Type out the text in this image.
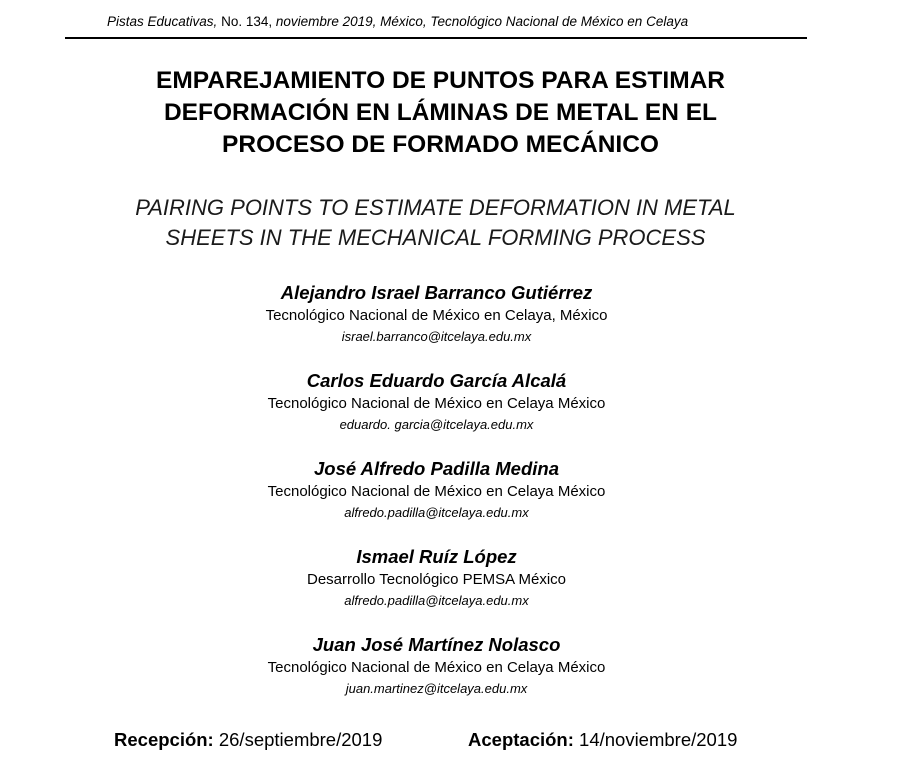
Pistas Educativas, No. 134, noviembre 2019, México, Tecnológico Nacional de México en Celaya
EMPAREJAMIENTO DE PUNTOS PARA ESTIMAR
DEFORMACIÓN EN LÁMINAS DE METAL EN EL
PROCESO DE FORMADO MECÁNICO
PAIRING POINTS TO ESTIMATE DEFORMATION IN METAL
SHEETS IN THE MECHANICAL FORMING PROCESS
Alejandro Israel Barranco Gutiérrez
Tecnológico Nacional de México en Celaya, México
israel.barranco@itcelaya.edu.mx
Carlos Eduardo García Alcalá
Tecnológico Nacional de México en Celaya México
eduardo. garcia@itcelaya.edu.mx
José Alfredo Padilla Medina
Tecnológico Nacional de México en Celaya México
alfredo.padilla@itcelaya.edu.mx
Ismael Ruíz López
Desarrollo Tecnológico PEMSA México
alfredo.padilla@itcelaya.edu.mx
Juan José Martínez Nolasco
Tecnológico Nacional de México en Celaya México
juan.martinez@itcelaya.edu.mx
Recepción: 26/septiembre/2019	Aceptación: 14/noviembre/2019
